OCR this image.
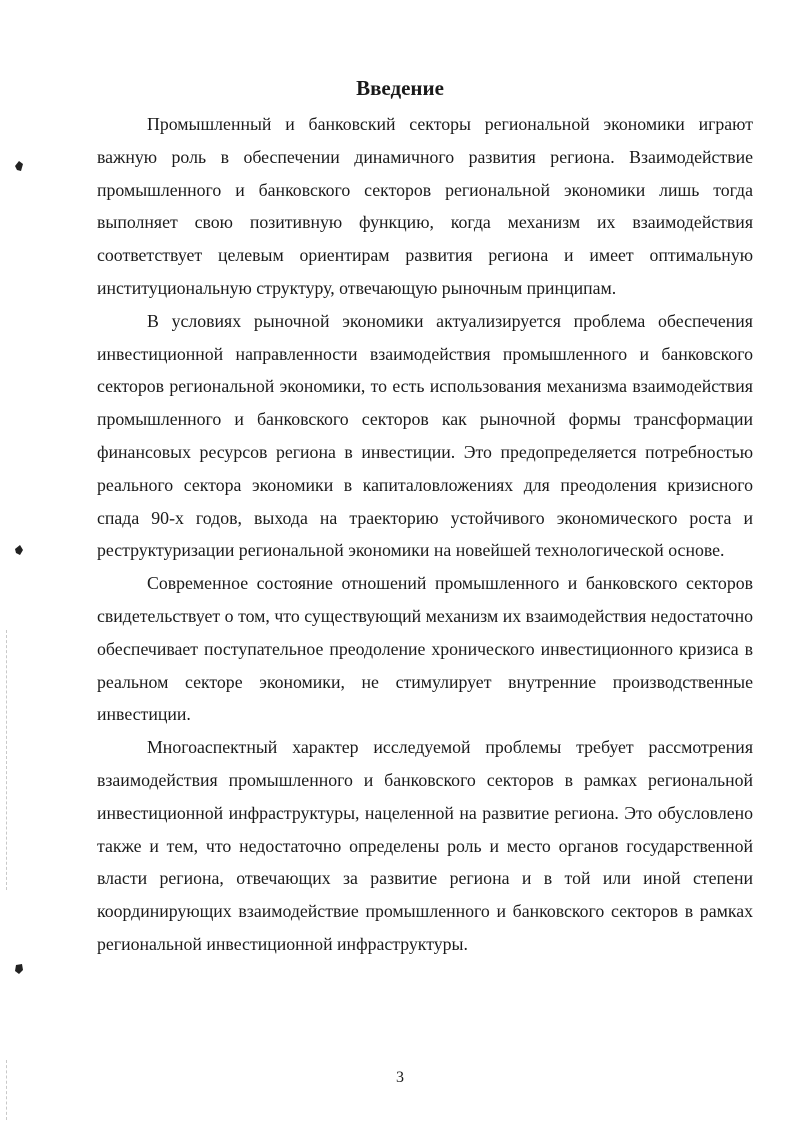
Введение

Промышленный и банковский секторы региональной экономики играют важную роль в обеспечении динамичного развития региона. Взаимодействие промышленного и банковского секторов региональной экономики лишь тогда выполняет свою позитивную функцию, когда механизм их взаимодействия соответствует целевым ориентирам развития региона и имеет оптимальную институциональную структуру, отвечающую рыночным принципам.

В условиях рыночной экономики актуализируется проблема обеспечения инвестиционной направленности взаимодействия промышленного и банковского секторов региональной экономики, то есть использования механизма взаимодействия промышленного и банковского секторов как рыночной формы трансформации финансовых ресурсов региона в инвестиции. Это предопределяется потребностью реального сектора экономики в капиталовложениях для преодоления кризисного спада 90-х годов, выхода на траекторию устойчивого экономического роста и реструктуризации региональной экономики на новейшей технологической основе.

Современное состояние отношений промышленного и банковского секторов свидетельствует о том, что существующий механизм их взаимодействия недостаточно обеспечивает поступательное преодоление хронического инвестиционного кризиса в реальном секторе экономики, не стимулирует внутренние производственные инвестиции.

Многоаспектный характер исследуемой проблемы требует рассмотрения взаимодействия промышленного и банковского секторов в рамках региональной инвестиционной инфраструктуры, нацеленной на развитие региона. Это обусловлено также и тем, что недостаточно определены роль и место органов государственной власти региона, отвечающих за развитие региона и в той или иной степени координирующих взаимодействие промышленного и банковского секторов в рамках региональной инвестиционной инфраструктуры.

3
